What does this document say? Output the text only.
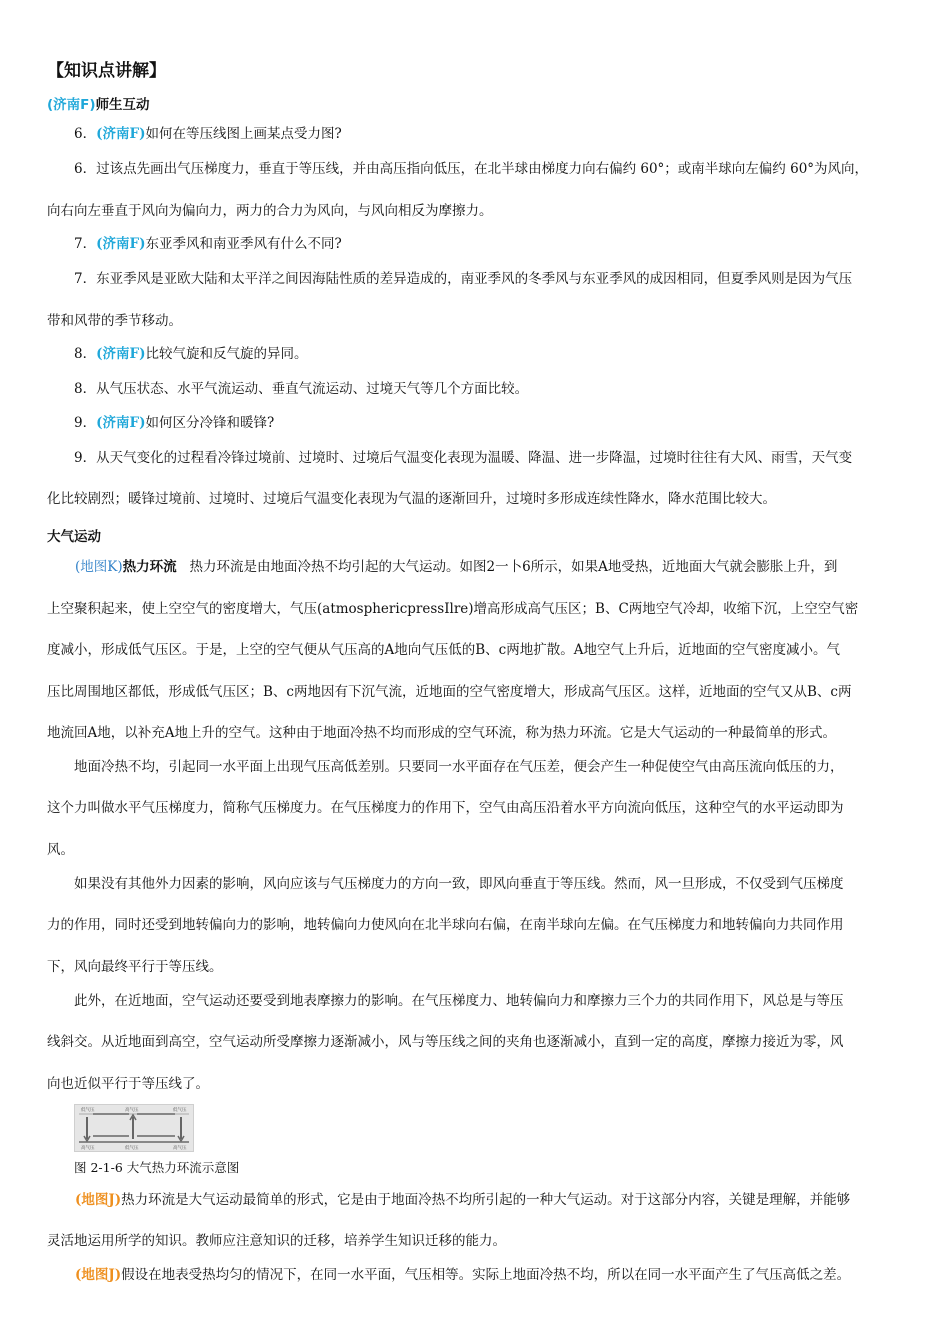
【知识点讲解】
(济南F)师生互动
6．(济南F)如何在等压线图上画某点受力图?
6．过该点先画出气压梯度力，垂直于等压线，并由高压指向低压，在北半球由梯度力向右偏约 60°；或南半球向左偏约 60°为风向，
向右向左垂直于风向为偏向力，两力的合力为风向，与风向相反为摩擦力。
7．(济南F)东亚季风和南亚季风有什么不同?
7．东亚季风是亚欧大陆和太平洋之间因海陆性质的差异造成的，南亚季风的冬季风与东亚季风的成因相同，但夏季风则是因为气压
带和风带的季节移动。
8．(济南F)比较气旋和反气旋的异同。
8．从气压状态、水平气流运动、垂直气流运动、过境天气等几个方面比较。
9．(济南F)如何区分冷锋和暖锋?
9．从天气变化的过程看冷锋过境前、过境时、过境后气温变化表现为温暖、降温、进一步降温，过境时往往有大风、雨雪，天气变
化比较剧烈；暖锋过境前、过境时、过境后气温变化表现为气温的逐渐回升，过境时多形成连续性降水，降水范围比较大。
大气运动
(地图K)热力环流 热力环流是由地面冷热不均引起的大气运动。如图2一卜6所示，如果A地受热，近地面大气就会膨胀上升，到
上空聚积起来，使上空空气的密度增大，气压(atmosphericpressIlre)增高形成高气压区；B、C两地空气冷却，收缩下沉，上空空气密
度减小，形成低气压区。于是，上空的空气便从气压高的A地向气压低的B、c两地扩散。A地空气上升后，近地面的空气密度减小。气
压比周围地区都低，形成低气压区；B、c两地因有下沉气流，近地面的空气密度增大，形成高气压区。这样，近地面的空气又从B、c两
地流回A地，以补充A地上升的空气。这种由于地面冷热不均而形成的空气环流，称为热力环流。它是大气运动的一种最简单的形式。
地面冷热不均，引起同一水平面上出现气压高低差别。只要同一水平面存在气压差，便会产生一种促使空气由高压流向低压的力，
这个力叫做水平气压梯度力，简称气压梯度力。在气压梯度力的作用下，空气由高压沿着水平方向流向低压，这种空气的水平运动即为
风。
如果没有其他外力因素的影响，风向应该与气压梯度力的方向一致，即风向垂直于等压线。然而，风一旦形成，不仅受到气压梯度
力的作用，同时还受到地转偏向力的影响，地转偏向力使风向在北半球向右偏，在南半球向左偏。在气压梯度力和地转偏向力共同作用
下，风向最终平行于等压线。
此外，在近地面，空气运动还要受到地表摩擦力的影响。在气压梯度力、地转偏向力和摩擦力三个力的共同作用下，风总是与等压
线斜交。从近地面到高空，空气运动所受摩擦力逐渐减小，风与等压线之间的夹角也逐渐减小，直到一定的高度，摩擦力接近为零，风
向也近似平行于等压线了。
低气压	高气压	低气压
高气压	低气压	高气压
图 2-1-6 大气热力环流示意图
(地图J)热力环流是大气运动最简单的形式，它是由于地面冷热不均所引起的一种大气运动。对于这部分内容，关键是理解，并能够
灵活地运用所学的知识。教师应注意知识的迁移，培养学生知识迁移的能力。
(地图J)假设在地表受热均匀的情况下，在同一水平面，气压相等。实际上地面冷热不均，所以在同一水平面产生了气压高低之差。
